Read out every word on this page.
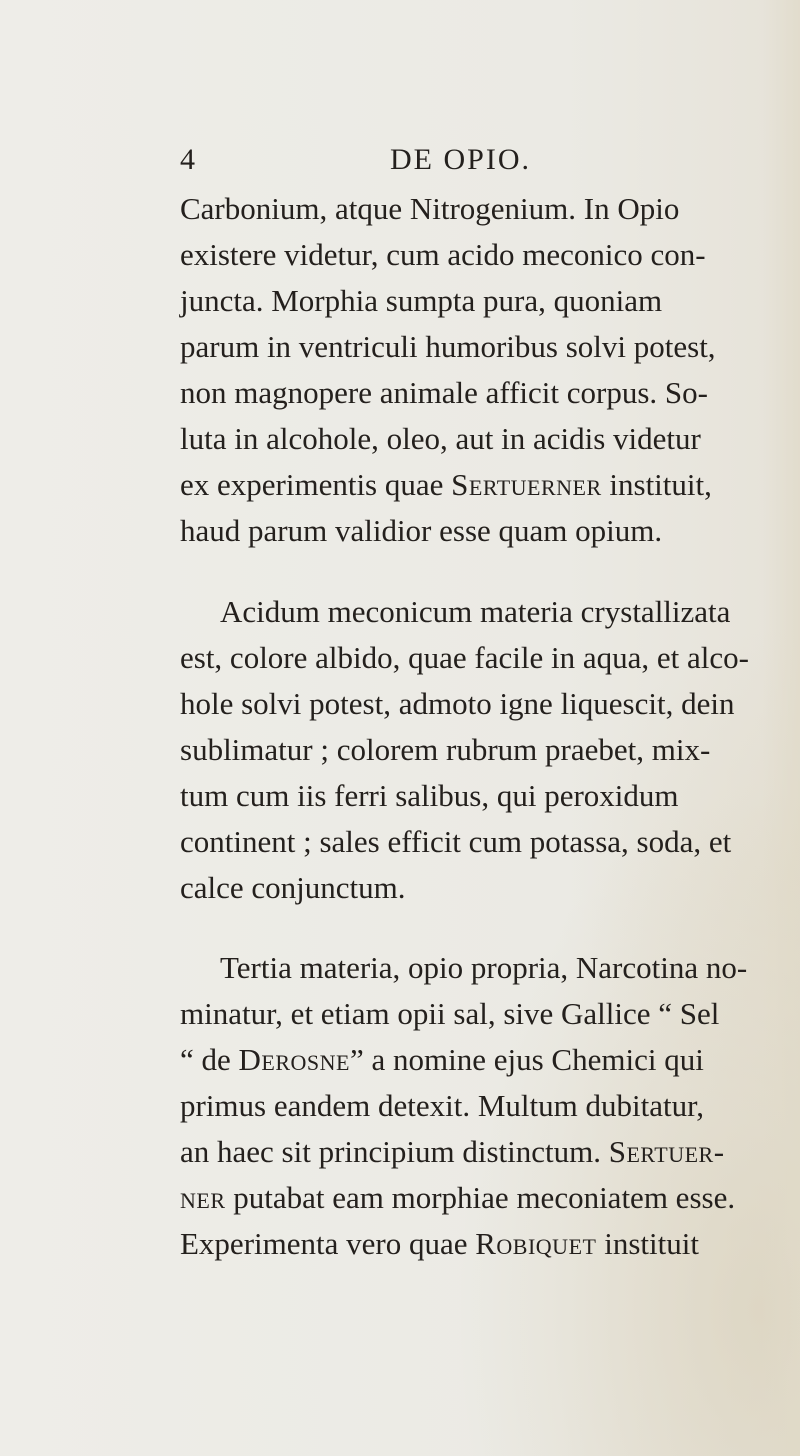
4	DE OPIO.
Carbonium, atque Nitrogenium. In Opio
existere videtur, cum acido meconico con-
juncta. Morphia sumpta pura, quoniam
parum in ventriculi humoribus solvi potest,
non magnopere animale afficit corpus. So-
luta in alcohole, oleo, aut in acidis videtur
ex experimentis quae Sertuerner instituit,
haud parum validior esse quam opium.
Acidum meconicum materia crystallizata
est, colore albido, quae facile in aqua, et alco-
hole solvi potest, admoto igne liquescit, dein
sublimatur ; colorem rubrum praebet, mix-
tum cum iis ferri salibus, qui peroxidum
continent ; sales efficit cum potassa, soda, et
calce conjunctum.
Tertia materia, opio propria, Narcotina no-
minatur, et etiam opii sal, sive Gallice “ Sel
“ de Derosne” a nomine ejus Chemici qui
primus eandem detexit. Multum dubitatur,
an haec sit principium distinctum. Sertuer-
ner putabat eam morphiae meconiatem esse.
Experimenta vero quae Robiquet instituit
